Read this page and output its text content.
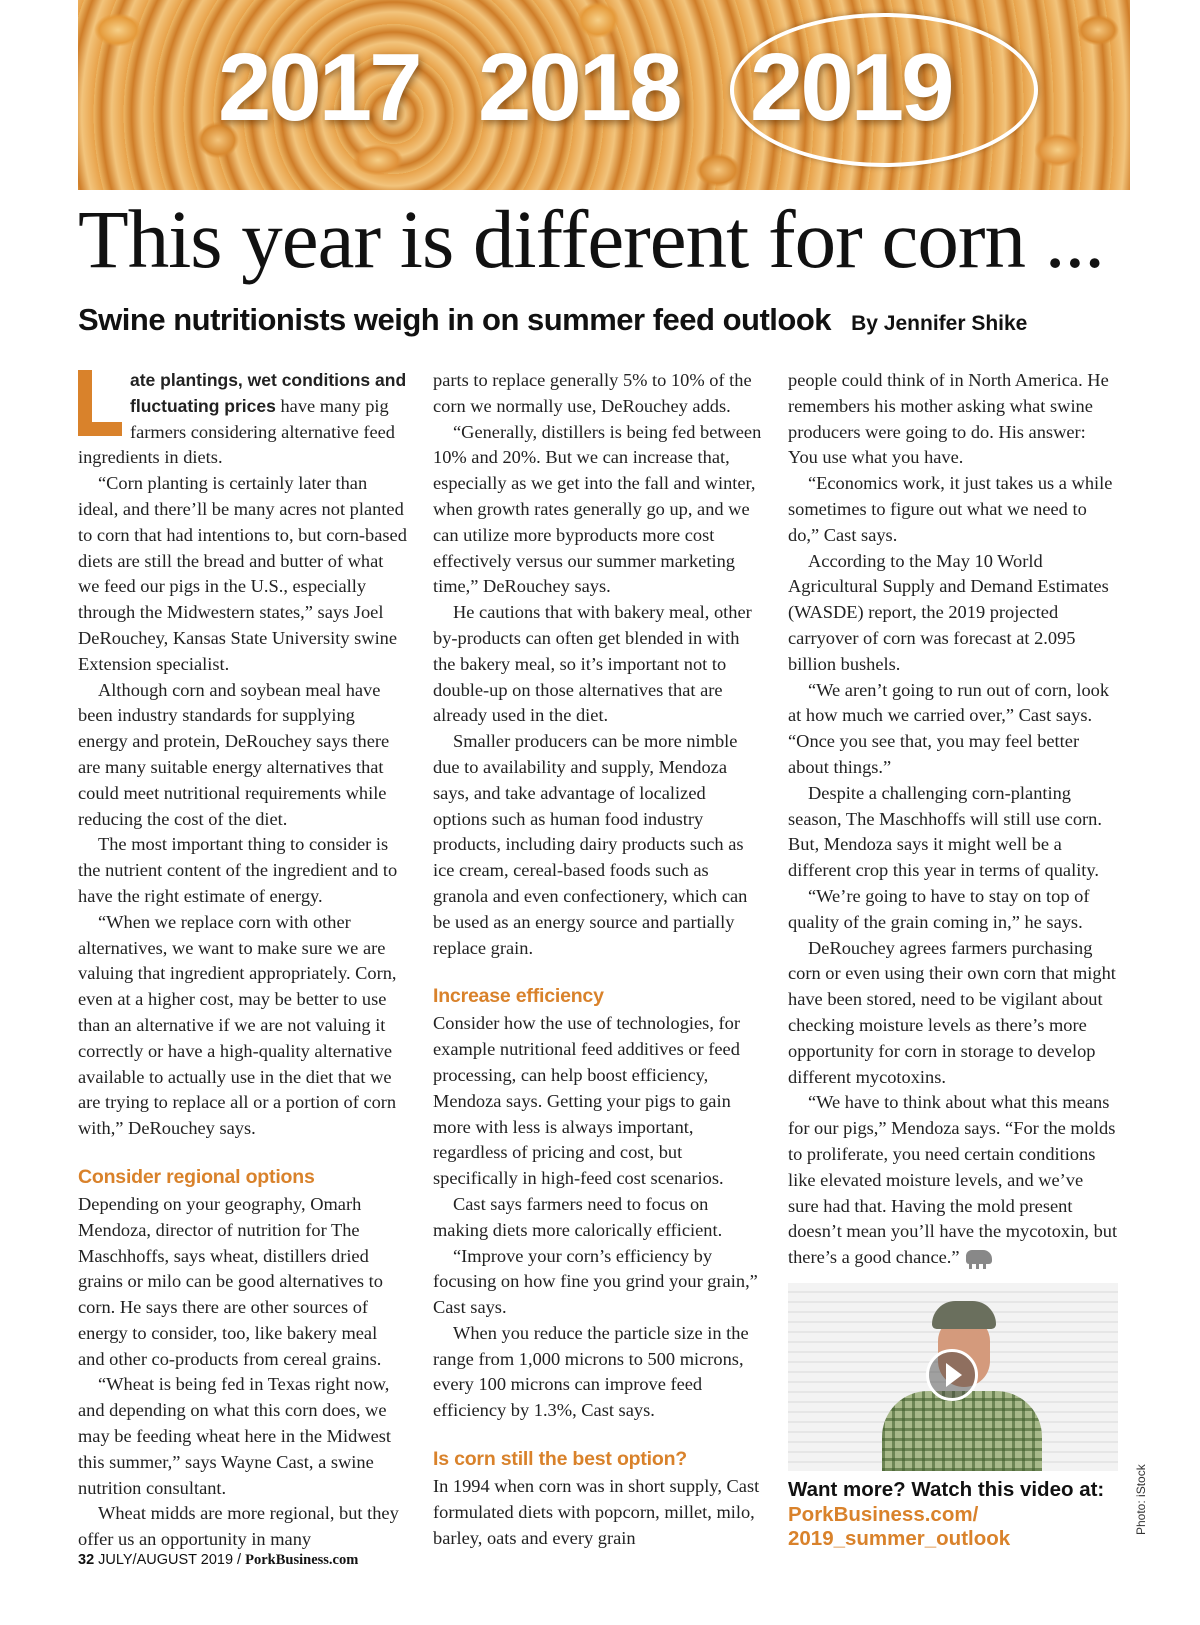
2017 2018 2019
This year is different for corn ...
Swine nutritionists weigh in on summer feed outlook By Jennifer Shike

ate plantings, wet conditions and fluctuating prices have many pig farmers considering alternative feed ingredients in diets.

“Corn planting is certainly later than ideal, and there’ll be many acres not planted to corn that had intentions to, but corn-based diets are still the bread and butter of what we feed our pigs in the U.S., especially through the Midwestern states,” says Joel DeRouchey, Kansas State University swine Extension specialist.

Although corn and soybean meal have been industry standards for supplying energy and protein, DeRouchey says there are many suitable energy alternatives that could meet nutritional requirements while reducing the cost of the diet.

The most important thing to consider is the nutrient content of the ingredient and to have the right estimate of energy.

“When we replace corn with other alternatives, we want to make sure we are valuing that ingredient appropriately. Corn, even at a higher cost, may be better to use than an alternative if we are not valuing it correctly or have a high-quality alternative available to actually use in the diet that we are trying to replace all or a portion of corn with,” DeRouchey says.

Consider regional options

Depending on your geography, Omarh Mendoza, director of nutrition for The Maschhoffs, says wheat, distillers dried grains or milo can be good alternatives to corn. He says there are other sources of energy to consider, too, like bakery meal and other co-products from cereal grains.

“Wheat is being fed in Texas right now, and depending on what this corn does, we may be feeding wheat here in the Midwest this summer,” says Wayne Cast, a swine nutrition consultant.

Wheat midds are more regional, but they offer us an opportunity in many

parts to replace generally 5% to 10% of the corn we normally use, DeRouchey adds.

“Generally, distillers is being fed between 10% and 20%. But we can increase that, especially as we get into the fall and winter, when growth rates generally go up, and we can utilize more byproducts more cost effectively versus our summer marketing time,” DeRouchey says.

He cautions that with bakery meal, other by-products can often get blended in with the bakery meal, so it’s important not to double-up on those alternatives that are already used in the diet.

Smaller producers can be more nimble due to availability and supply, Mendoza says, and take advantage of localized options such as human food industry products, including dairy products such as ice cream, cereal-based foods such as granola and even confectionery, which can be used as an energy source and partially replace grain.

Increase efficiency

Consider how the use of technologies, for example nutritional feed additives or feed processing, can help boost efficiency, Mendoza says. Getting your pigs to gain more with less is always important, regardless of pricing and cost, but specifically in high-feed cost scenarios.

Cast says farmers need to focus on making diets more calorically efficient.

“Improve your corn’s efficiency by focusing on how fine you grind your grain,” Cast says.

When you reduce the particle size in the range from 1,000 microns to 500 microns, every 100 microns can improve feed efficiency by 1.3%, Cast says.

Is corn still the best option?

In 1994 when corn was in short supply, Cast formulated diets with popcorn, millet, milo, barley, oats and every grain

people could think of in North America. He remembers his mother asking what swine producers were going to do. His answer: You use what you have.

“Economics work, it just takes us a while sometimes to figure out what we need to do,” Cast says.

According to the May 10 World Agricultural Supply and Demand Estimates (WASDE) report, the 2019 projected carryover of corn was forecast at 2.095 billion bushels.

“We aren’t going to run out of corn, look at how much we carried over,” Cast says. “Once you see that, you may feel better about things.”

Despite a challenging corn-planting season, The Maschhoffs will still use corn. But, Mendoza says it might well be a different crop this year in terms of quality.

“We’re going to have to stay on top of quality of the grain coming in,” he says.

DeRouchey agrees farmers purchasing corn or even using their own corn that might have been stored, need to be vigilant about checking moisture levels as there’s more opportunity for corn in storage to develop different mycotoxins.

“We have to think about what this means for our pigs,” Mendoza says. “For the molds to proliferate, you need certain conditions like elevated moisture levels, and we’ve sure had that. Having the mold present doesn’t mean you’ll have the mycotoxin, but there’s a good chance.”

Want more? Watch this video at:
PorkBusiness.com/
2019_summer_outlook
Photo: iStock
32 JULY/AUGUST 2019 / PorkBusiness.com
